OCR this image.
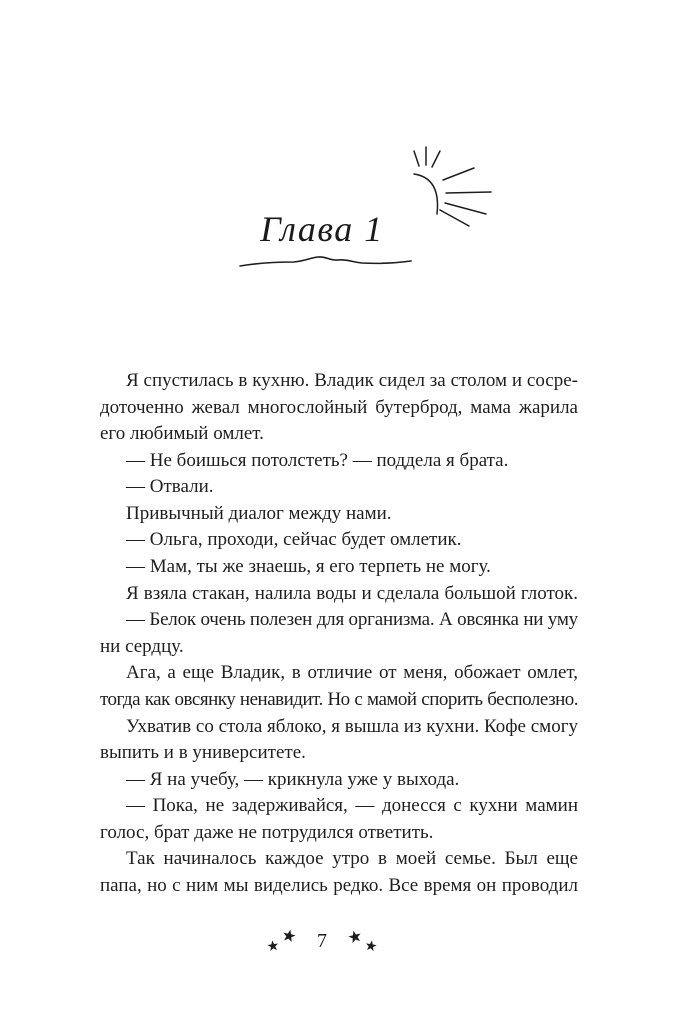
Глава 1
Я спустилась в кухню. Владик сидел за столом и сосре-
доточенно жевал многослойный бутерброд, мама жарила
его любимый омлет.
— Не боишься потолстеть? — поддела я брата.
— Отвали.
Привычный диалог между нами.
— Ольга, проходи, сейчас будет омлетик.
— Мам, ты же знаешь, я его терпеть не могу.
Я взяла стакан, налила воды и сделала большой глоток.
— Белок очень полезен для организма. А овсянка ни уму
ни сердцу.
Ага, а еще Владик, в отличие от меня, обожает омлет,
тогда как овсянку ненавидит. Но с мамой спорить бесполезно.
Ухватив со стола яблоко, я вышла из кухни. Кофе смогу
выпить и в университете.
— Я на учебу, — крикнула уже у выхода.
— Пока, не задерживайся, — донесся с кухни мамин
голос, брат даже не потрудился ответить.
Так начиналось каждое утро в моей семье. Был еще
папа, но с ним мы виделись редко. Все время он проводил
7
